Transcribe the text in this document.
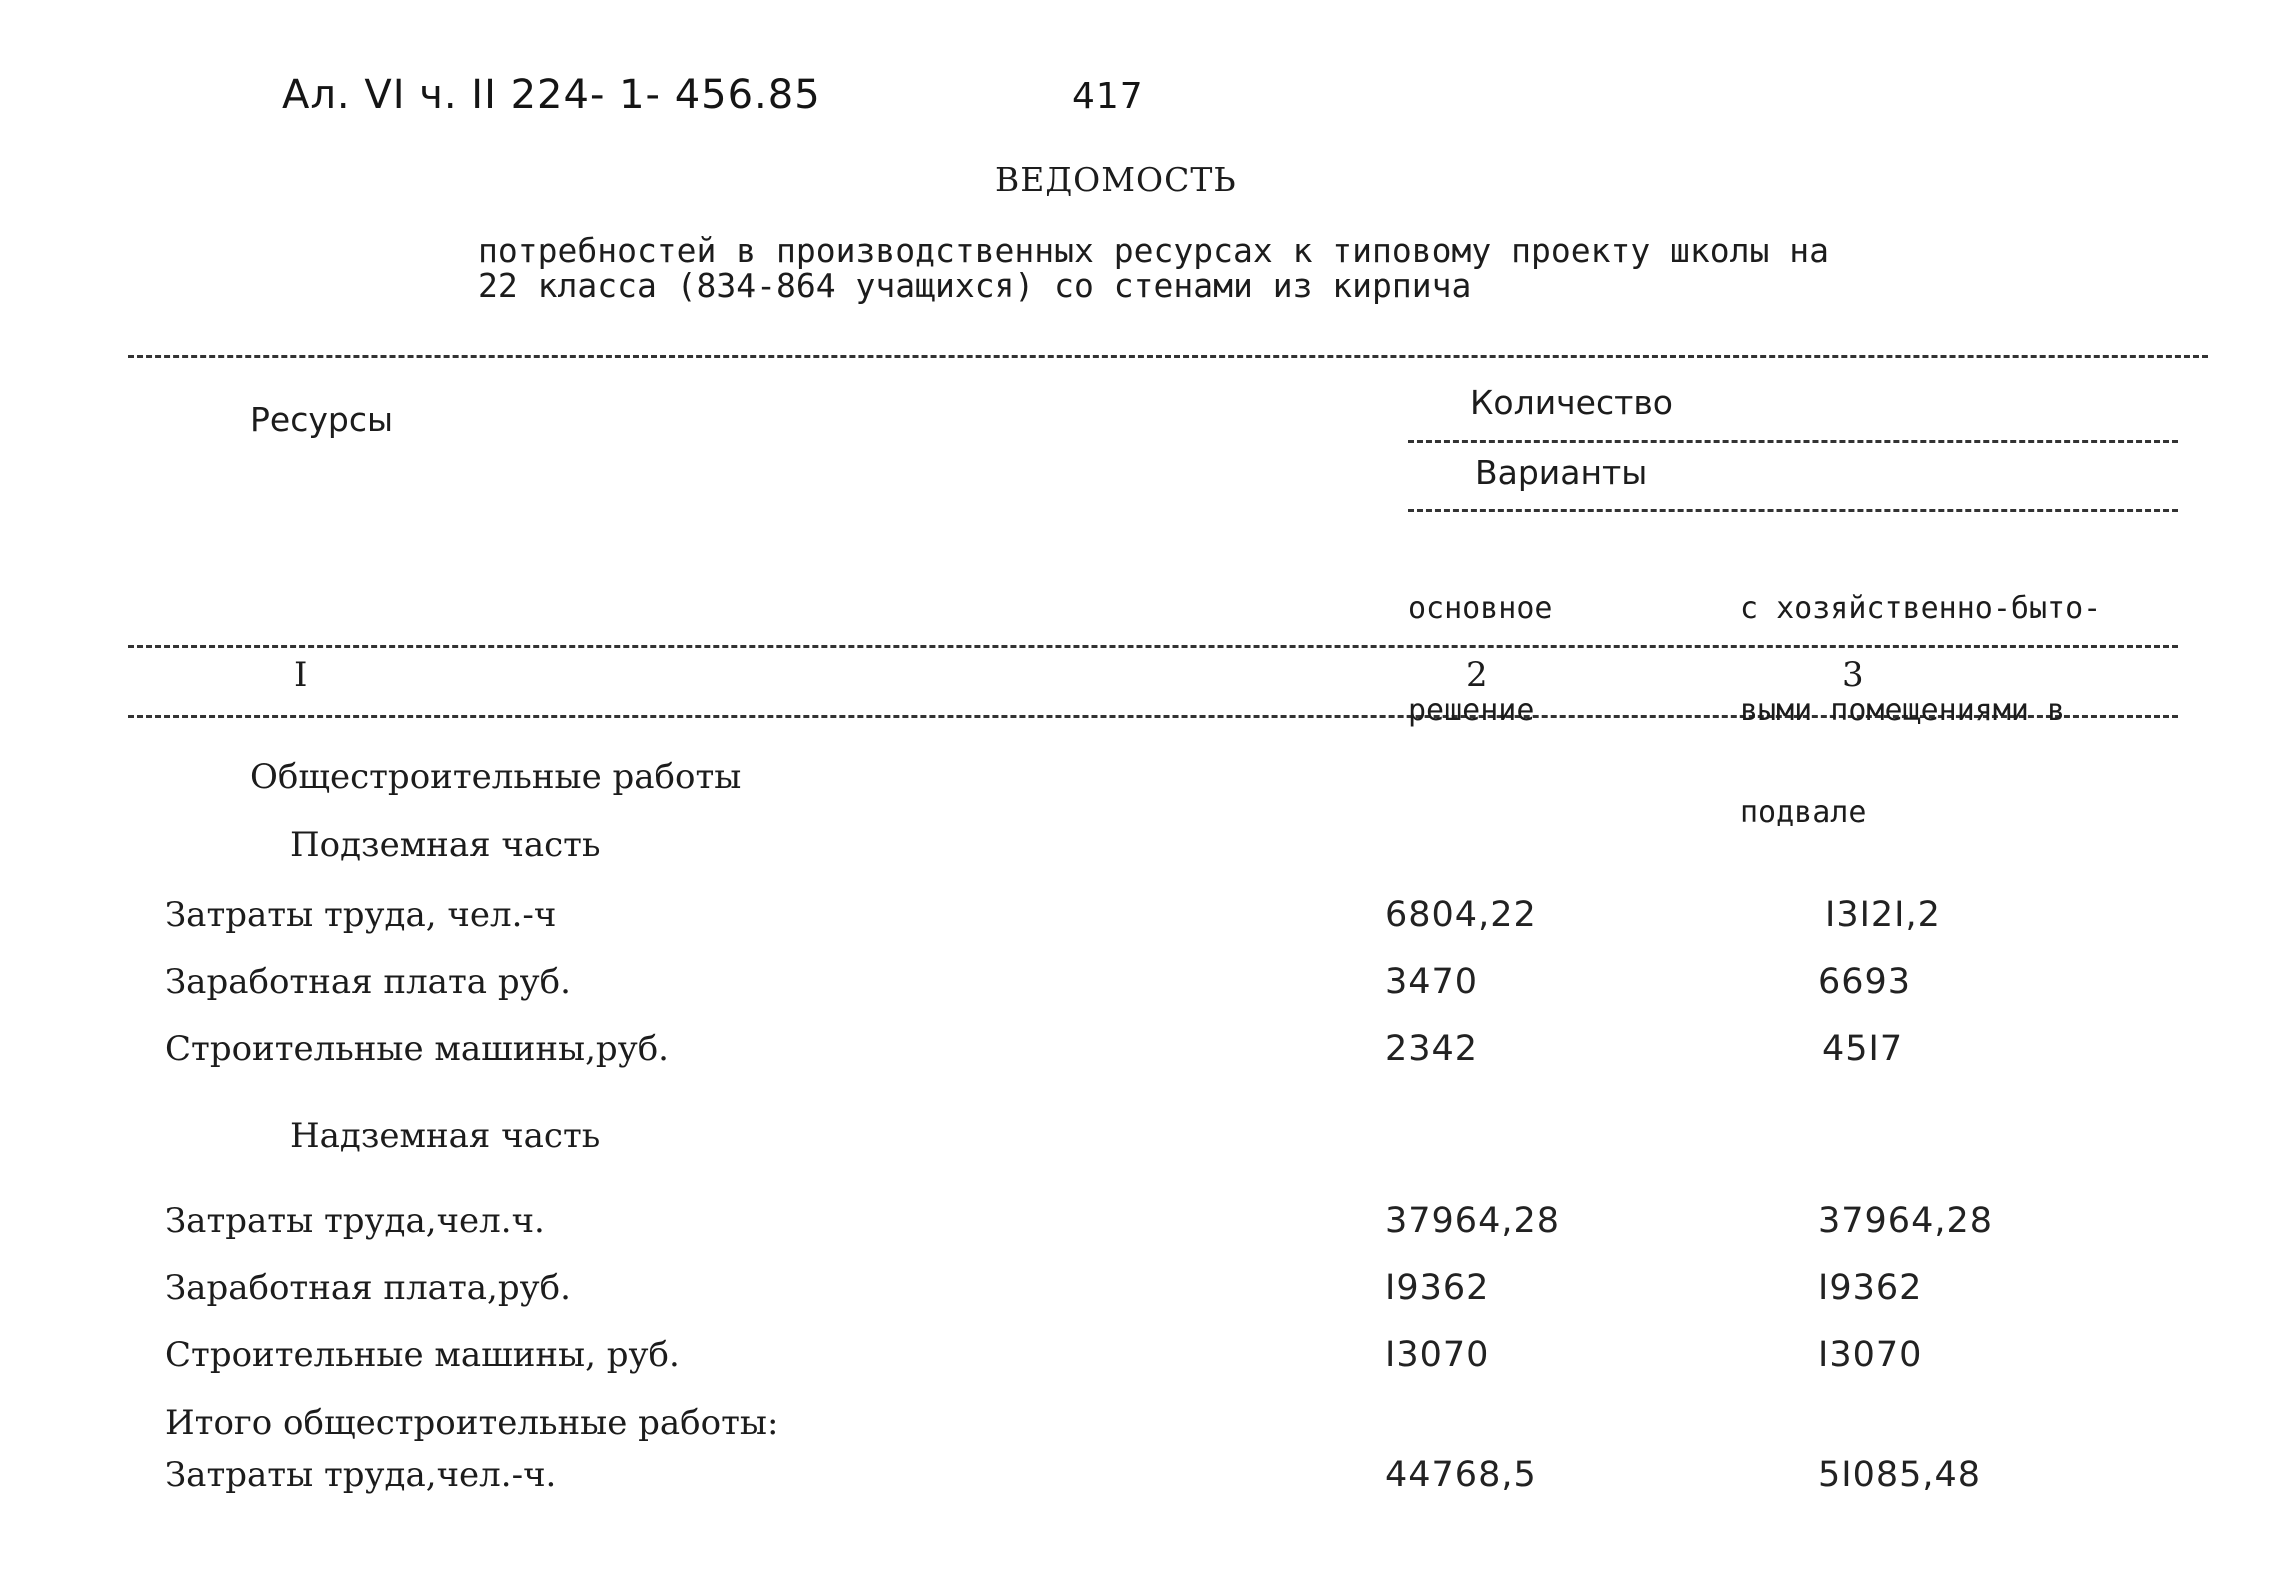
Ал. VI ч. II 224- 1- 456.85	417
ВЕДОМОСТЬ
потребностей в производственных ресурсах к типовому проекту школы на
22 класса (834-864 учащихся) со стенами из кирпича
Ресурсы	Количество
Варианты

основное

решение

с хозяйственно-быто-

выми помещениями в

подвале

I	2	3
Общестроительные работы
Подземная часть
Затраты труда, чел.-ч	6804,22	I3I2I,2
Заработная плата руб.	3470	6693
Строительные машины,руб.	2342	45I7
Надземная часть
Затраты труда,чел.ч.	37964,28	37964,28
Заработная плата,руб.	I9362	I9362
Строительные машины, руб.	I3070	I3070
Итого общестроительные работы:
Затраты труда,чел.-ч.	44768,5	5I085,48
